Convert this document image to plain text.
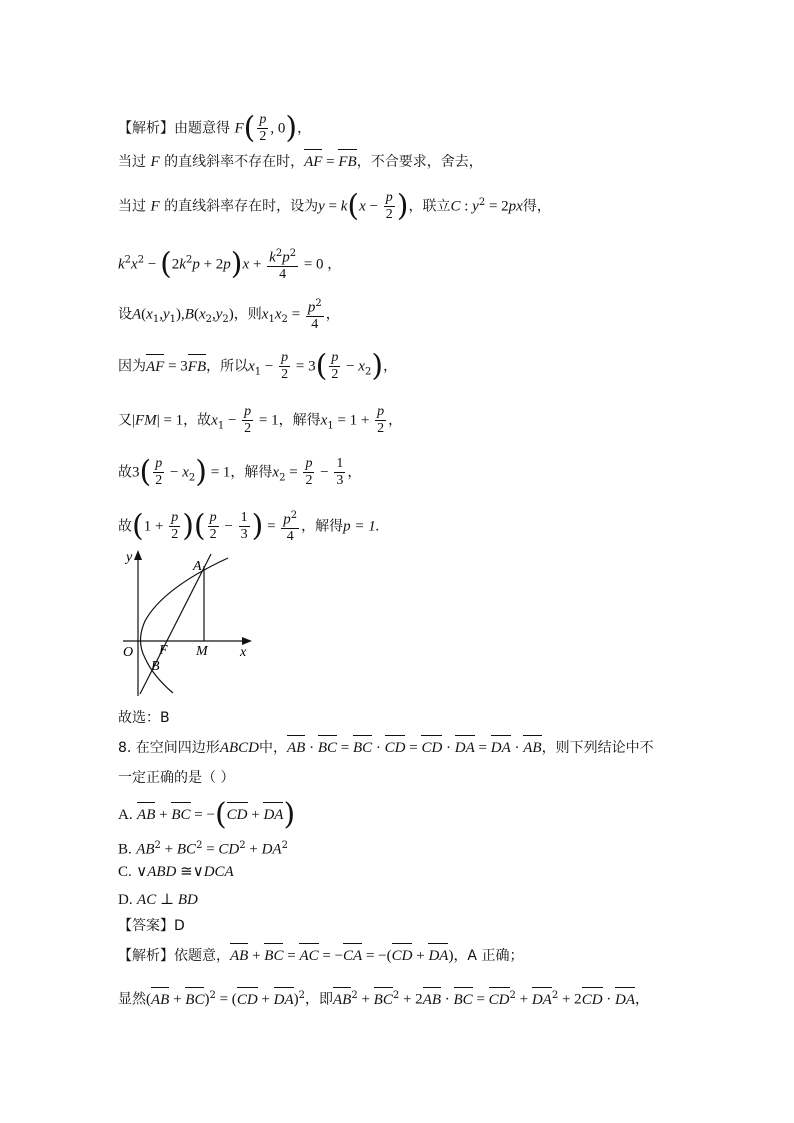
【解析】由题意得 $F( \frac{p}{2}$ , 0)，
当过 F 的直线斜率不存在时，AF = FB，不合要求，舍去，
当过 F 的直线斜率存在时，设为$y = k(x - \frac{p}{2}$ )，联立C : $y^2 = 2px$得，
$k^2x^2 - (2k^2p + 2p)x + \frac{k^2p^2}{4} = 0$ ，
设$A(x_1,y_1),B(x_2,y_2)$，则$x_1x_2 = \frac{p^2}{4}$ ，
因为AF = 3FB，所以$x_1 - \frac{p}{2} = 3( \frac{p}{2} - x_2)$，
又|FM| = 1，故$x_1 - \frac{p}{2} = 1$，解得$x_1 = 1 + \frac{p}{2}$ ，
故$3( \frac{p}{2} - x_2) = 1$，解得$x_2 = \frac{p}{2} - \frac{1}{3}$ ，
故($1 + \frac{p}{2}$ )( $\frac{p}{2} - \frac{1}{3}$ ) = $\frac{p^2}{4}$ ，解得p = 1.
y
x
O F M
A
B
故选：B
8. 在空间四边形ABCD中，AB · BC = BC · CD = CD · DA = DA · AB，则下列结论中不
一定正确的是（ ）
A. AB + BC = −(CD + DA)
B. $AB^2 + BC^2 = CD^2 + DA^2$
C. ∨ABD ≅∨DCA
D. AC ⊥ BD
【答案】D
【解析】依题意，AB + BC = AC = −CA = −(CD + DA)，A 正确；
显然(AB + BC)$^2$ = (CD + DA)$^2$，即$AB^2 + BC^2 + 2AB$ · BC = $CD^2 + DA^2 + 2CD$ · DA，
